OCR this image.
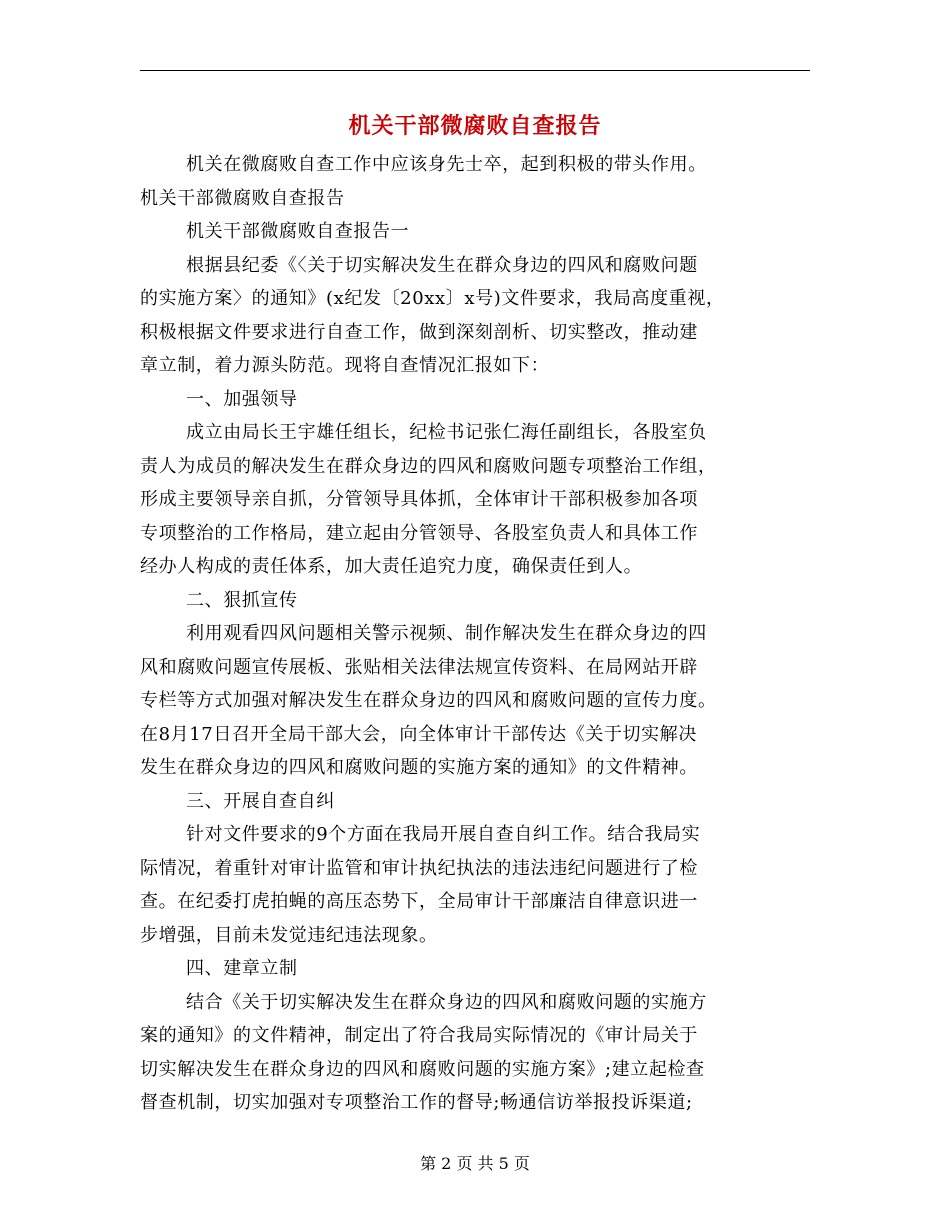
机关干部微腐败自查报告
机关在微腐败自查工作中应该身先士卒，起到积极的带头作用。
机关干部微腐败自查报告
机关干部微腐败自查报告一
根据县纪委《〈关于切实解决发生在群众身边的四风和腐败问题
的实施方案〉的通知》(x纪发〔20xx〕x号)文件要求，我局高度重视，
积极根据文件要求进行自查工作，做到深刻剖析、切实整改，推动建
章立制，着力源头防范。现将自查情况汇报如下：
一、加强领导
成立由局长王宇雄任组长，纪检书记张仁海任副组长，各股室负
责人为成员的解决发生在群众身边的四风和腐败问题专项整治工作组，
形成主要领导亲自抓，分管领导具体抓，全体审计干部积极参加各项
专项整治的工作格局，建立起由分管领导、各股室负责人和具体工作
经办人构成的责任体系，加大责任追究力度，确保责任到人。
二、狠抓宣传
利用观看四风问题相关警示视频、制作解决发生在群众身边的四
风和腐败问题宣传展板、张贴相关法律法规宣传资料、在局网站开辟
专栏等方式加强对解决发生在群众身边的四风和腐败问题的宣传力度。
在8月17日召开全局干部大会，向全体审计干部传达《关于切实解决
发生在群众身边的四风和腐败问题的实施方案的通知》的文件精神。
三、开展自查自纠
针对文件要求的9个方面在我局开展自查自纠工作。结合我局实
际情况，着重针对审计监管和审计执纪执法的违法违纪问题进行了检
查。在纪委打虎拍蝇的高压态势下，全局审计干部廉洁自律意识进一
步增强，目前未发觉违纪违法现象。
四、建章立制
结合《关于切实解决发生在群众身边的四风和腐败问题的实施方
案的通知》的文件精神，制定出了符合我局实际情况的《审计局关于
切实解决发生在群众身边的四风和腐败问题的实施方案》;建立起检查
督查机制，切实加强对专项整治工作的督导;畅通信访举报投诉渠道;
第 2 页 共 5 页
